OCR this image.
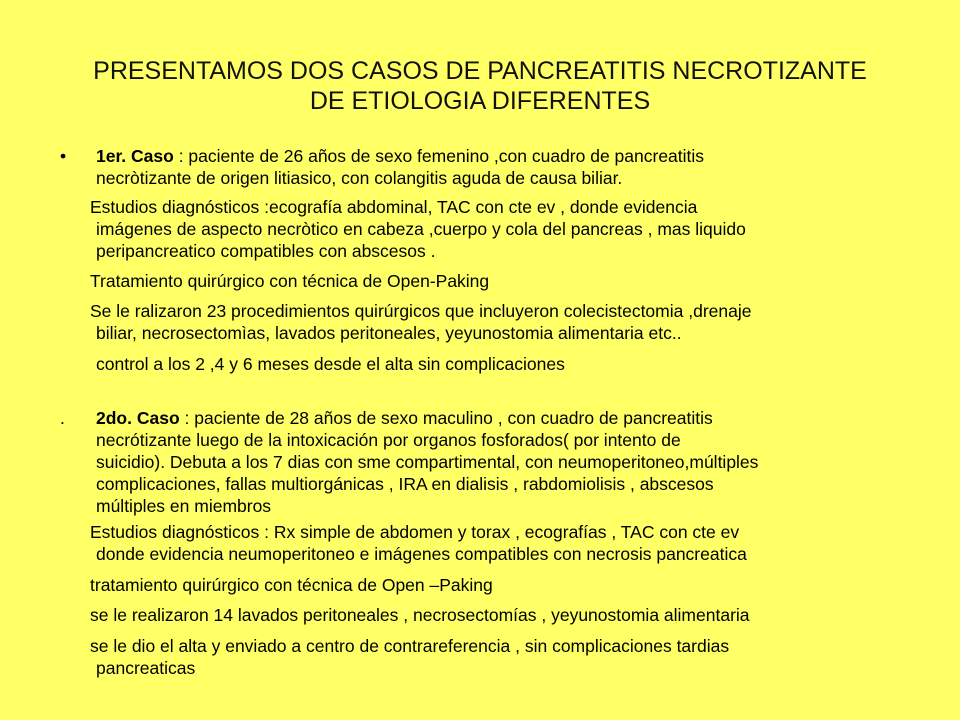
PRESENTAMOS DOS CASOS DE PANCREATITIS NECROTIZANTE
DE ETIOLOGIA DIFERENTES
• 1er. Caso : paciente de 26 años de sexo femenino ,con cuadro de pancreatitis
necròtizante de origen litiasico, con colangitis aguda de causa biliar.
Estudios diagnósticos :ecografía abdominal, TAC con cte ev , donde evidencia
imágenes de aspecto necròtico en cabeza ,cuerpo y cola del pancreas , mas liquido
peripancreatico compatibles con abscesos .
Tratamiento quirúrgico con técnica de Open-Paking
Se le ralizaron 23 procedimientos quirúrgicos que incluyeron colecistectomia ,drenaje
biliar, necrosectomìas, lavados peritoneales, yeyunostomia alimentaria etc..
control a los 2 ,4 y 6 meses desde el alta sin complicaciones
. 2do. Caso : paciente de 28 años de sexo maculino , con cuadro de pancreatitis
necrótizante luego de la intoxicación por organos fosforados( por intento de
suicidio). Debuta a los 7 dias con sme compartimental, con neumoperitoneo,múltiples
complicaciones, fallas multiorgánicas , IRA en dialisis , rabdomiolisis , abscesos
múltiples en miembros
Estudios diagnósticos : Rx simple de abdomen y torax , ecografías , TAC con cte ev
donde evidencia neumoperitoneo e imágenes compatibles con necrosis pancreatica
tratamiento quirúrgico con técnica de Open –Paking
se le realizaron 14 lavados peritoneales , necrosectomías , yeyunostomia alimentaria
se le dio el alta y enviado a centro de contrareferencia , sin complicaciones tardias
pancreaticas
